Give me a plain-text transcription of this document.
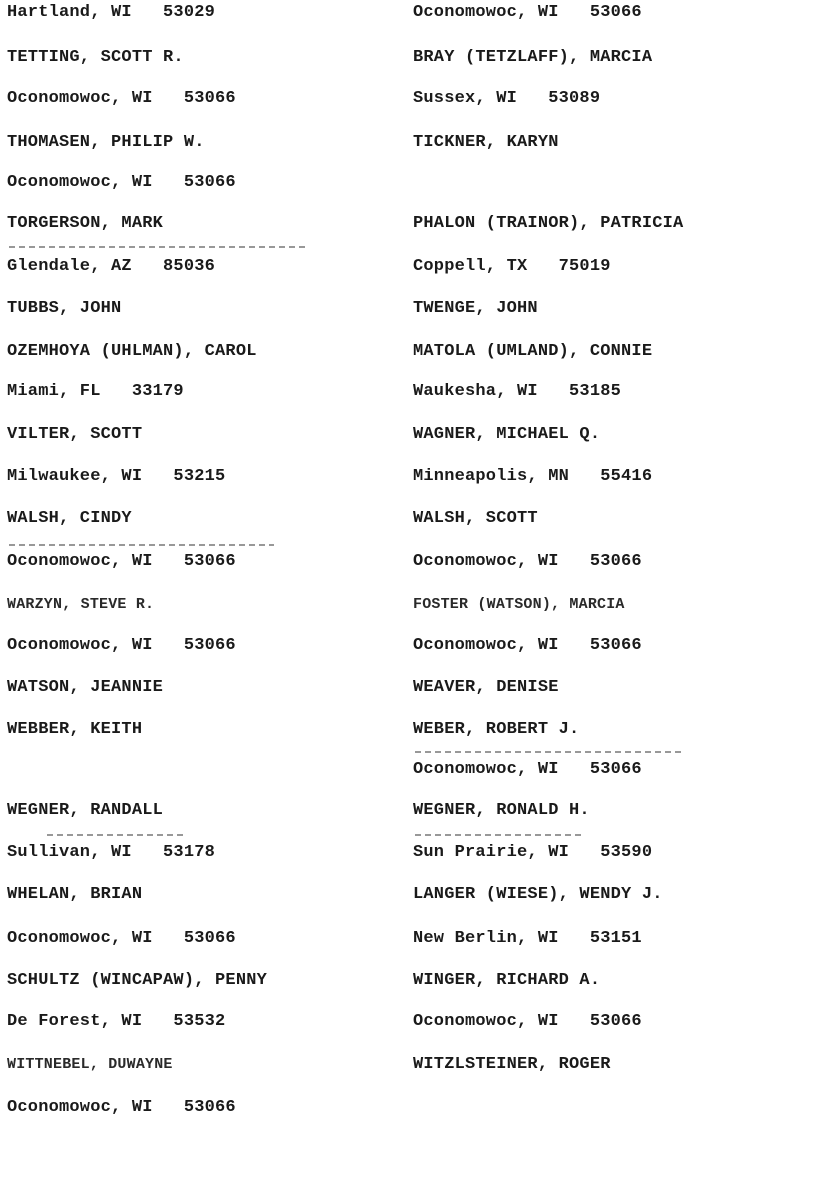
Hartland, WI   53029
TETTING, SCOTT R.
Oconomowoc, WI   53066
THOMASEN, PHILIP W.
Oconomowoc, WI   53066
TORGERSON, MARK
Glendale, AZ   85036
TUBBS, JOHN
OZEMHOYA (UHLMAN), CAROL
Miami, FL   33179
VILTER, SCOTT
Milwaukee, WI   53215
WALSH, CINDY
Oconomowoc, WI   53066
WARZYN, STEVE R.
Oconomowoc, WI   53066
WATSON, JEANNIE
WEBBER, KEITH
WEGNER, RANDALL
Sullivan, WI   53178
WHELAN, BRIAN
Oconomowoc, WI   53066
SCHULTZ (WINCAPAW), PENNY
De Forest, WI   53532
WITTNEBEL, DUWAYNE
Oconomowoc, WI   53066
Oconomowoc, WI   53066
BRAY (TETZLAFF), MARCIA
Sussex, WI   53089
TICKNER, KARYN
PHALON (TRAINOR), PATRICIA
Coppell, TX   75019
TWENGE, JOHN
MATOLA (UMLAND), CONNIE
Waukesha, WI   53185
WAGNER, MICHAEL Q.
Minneapolis, MN   55416
WALSH, SCOTT
Oconomowoc, WI   53066
FOSTER (WATSON), MARCIA
Oconomowoc, WI   53066
WEAVER, DENISE
WEBER, ROBERT J.
Oconomowoc, WI   53066
WEGNER, RONALD H.
Sun Prairie, WI   53590
LANGER (WIESE), WENDY J.
New Berlin, WI   53151
WINGER, RICHARD A.
Oconomowoc, WI   53066
WITZLSTEINER, ROGER
